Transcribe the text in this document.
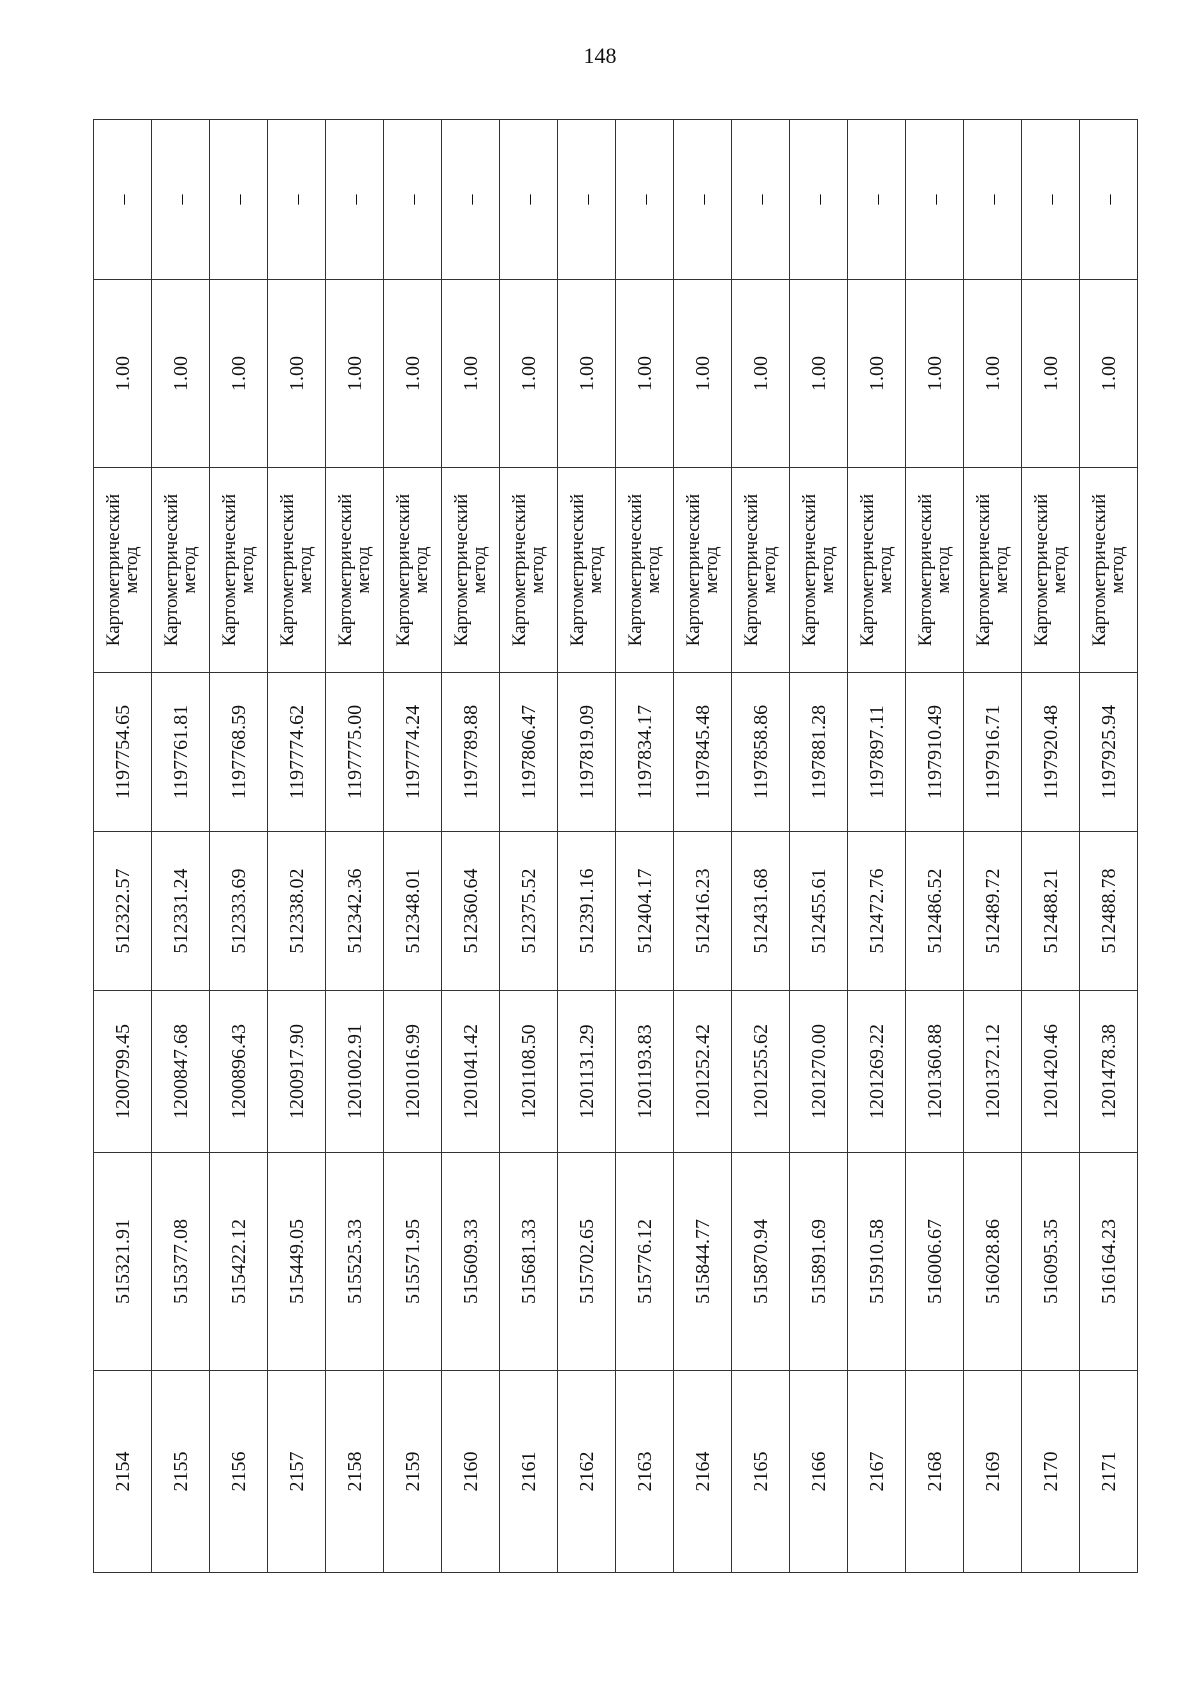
148
2154	515321.91	1200799.45	512322.57	1197754.65	Картометрический
метод	1.00	–
2155	515377.08	1200847.68	512331.24	1197761.81	Картометрический
метод	1.00	–
2156	515422.12	1200896.43	512333.69	1197768.59	Картометрический
метод	1.00	–
2157	515449.05	1200917.90	512338.02	1197774.62	Картометрический
метод	1.00	–
2158	515525.33	1201002.91	512342.36	1197775.00	Картометрический
метод	1.00	–
2159	515571.95	1201016.99	512348.01	1197774.24	Картометрический
метод	1.00	–
2160	515609.33	1201041.42	512360.64	1197789.88	Картометрический
метод	1.00	–
2161	515681.33	1201108.50	512375.52	1197806.47	Картометрический
метод	1.00	–
2162	515702.65	1201131.29	512391.16	1197819.09	Картометрический
метод	1.00	–
2163	515776.12	1201193.83	512404.17	1197834.17	Картометрический
метод	1.00	–
2164	515844.77	1201252.42	512416.23	1197845.48	Картометрический
метод	1.00	–
2165	515870.94	1201255.62	512431.68	1197858.86	Картометрический
метод	1.00	–
2166	515891.69	1201270.00	512455.61	1197881.28	Картометрический
метод	1.00	–
2167	515910.58	1201269.22	512472.76	1197897.11	Картометрический
метод	1.00	–
2168	516006.67	1201360.88	512486.52	1197910.49	Картометрический
метод	1.00	–
2169	516028.86	1201372.12	512489.72	1197916.71	Картометрический
метод	1.00	–
2170	516095.35	1201420.46	512488.21	1197920.48	Картометрический
метод	1.00	–
2171	516164.23	1201478.38	512488.78	1197925.94	Картометрический
метод	1.00	–
